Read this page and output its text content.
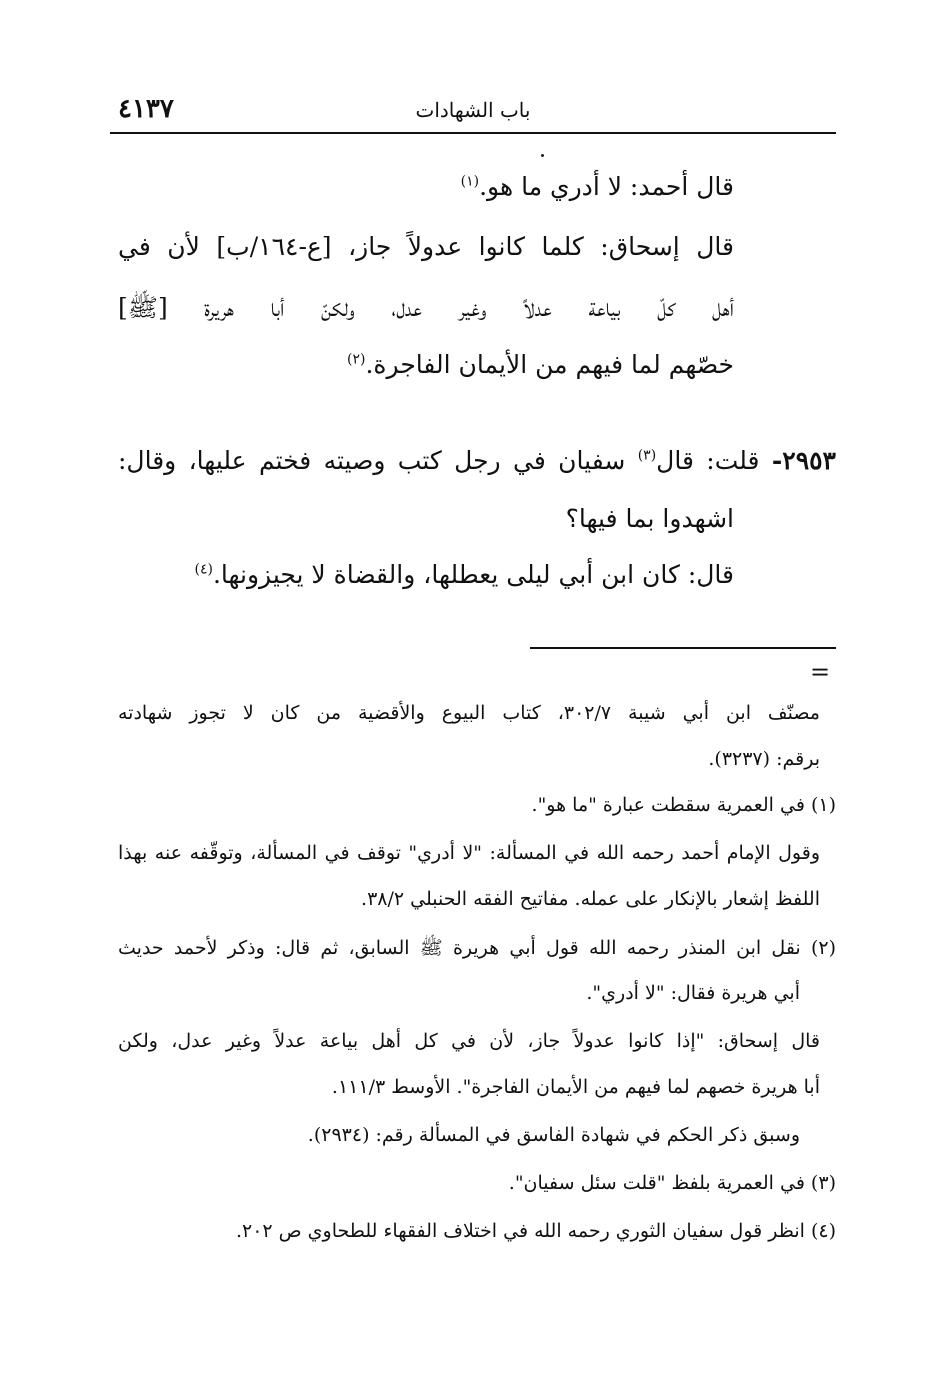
٤١٣٧	باب الشهادات
قال أحمد: لا أدري ما هو.$^{(١)}$
قال إسحاق: كلما كانوا عدولاً جاز، [ع-١٦٤/ب] لأن في
أهل كلّ بياعة عدلاً وغير عدل، ولكنّ أبا هريرة [ﷺ]
خصّهم لما فيهم من الأيمان الفاجرة.$^{(٢)}$
٢٩٥٣- قلت: قال$^{(٣)}$ سفيان في رجل كتب وصيته فختم عليها، وقال:
اشهدوا بما فيها؟
قال: كان ابن أبي ليلى يعطلها، والقضاة لا يجيزونها.$^{(٤)}$
=
مصنّف ابن أبي شيبة ٣٠٢/٧، كتاب البيوع والأقضية من كان لا تجوز شهادته
برقم: (٣٢٣٧).
(١) في العمرية سقطت عبارة "ما هو".
وقول الإمام أحمد رحمه الله في المسألة: "لا أدري" توقف في المسألة، وتوقّفه عنه بهذا
اللفظ إشعار بالإنكار على عمله. مفاتيح الفقه الحنبلي ٣٨/٢.
(٢) نقل ابن المنذر رحمه الله قول أبي هريرة ﷺ السابق، ثم قال: وذكر لأحمد حديث
أبي هريرة فقال: "لا أدري".
قال إسحاق: "إذا كانوا عدولاً جاز، لأن في كل أهل بياعة عدلاً وغير عدل، ولكن
أبا هريرة خصهم لما فيهم من الأيمان الفاجرة". الأوسط ١١١/٣.
وسبق ذكر الحكم في شهادة الفاسق في المسألة رقم: (٢٩٣٤).
(٣) في العمرية بلفظ "قلت سئل سفيان".
(٤) انظر قول سفيان الثوري رحمه الله في اختلاف الفقهاء للطحاوي ص ٢٠٢.
